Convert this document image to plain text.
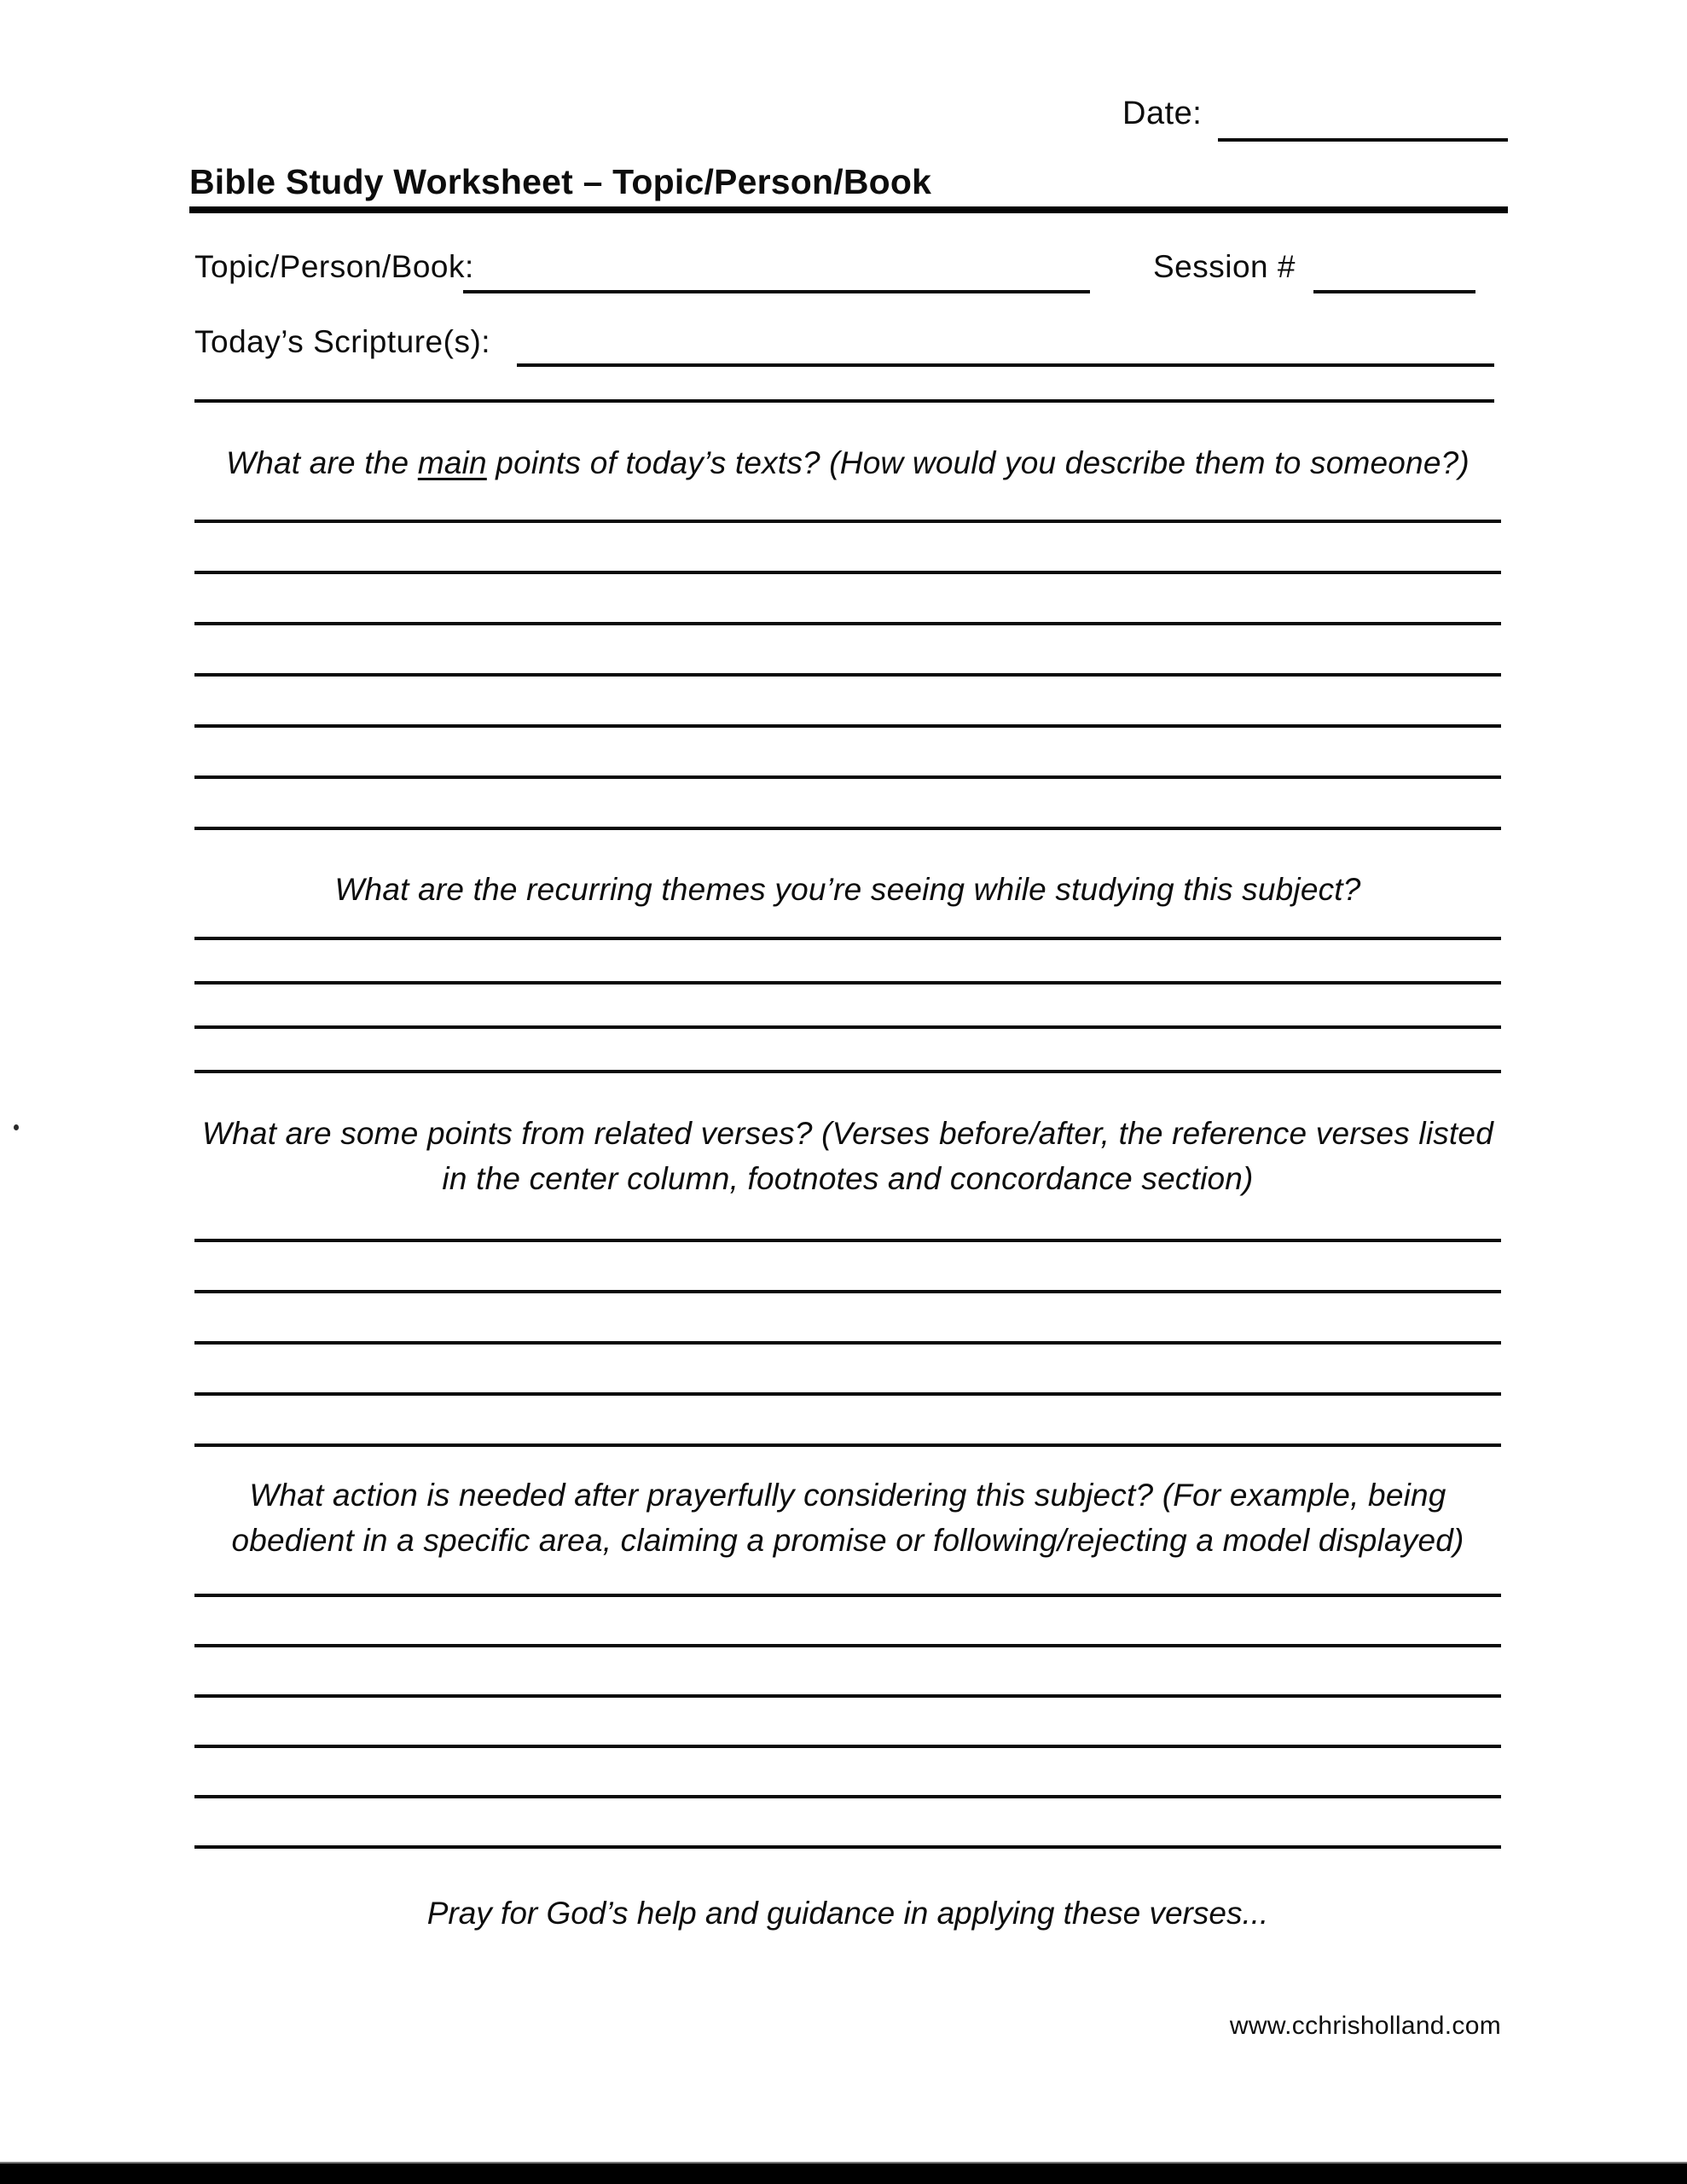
Date:
Bible Study Worksheet – Topic/Person/Book
Topic/Person/Book:	Session #
Today’s Scripture(s):
What are the main points of today’s texts? (How would you describe them to someone?)
What are the recurring themes you’re seeing while studying this subject?
What are some points from related verses? (Verses before/after, the reference verses listed in the center column, footnotes and concordance section)
What action is needed after prayerfully considering this subject? (For example, being obedient in a specific area, claiming a promise or following/rejecting a model displayed)
Pray for God’s help and guidance in applying these verses...
www.cchrisholland.com
